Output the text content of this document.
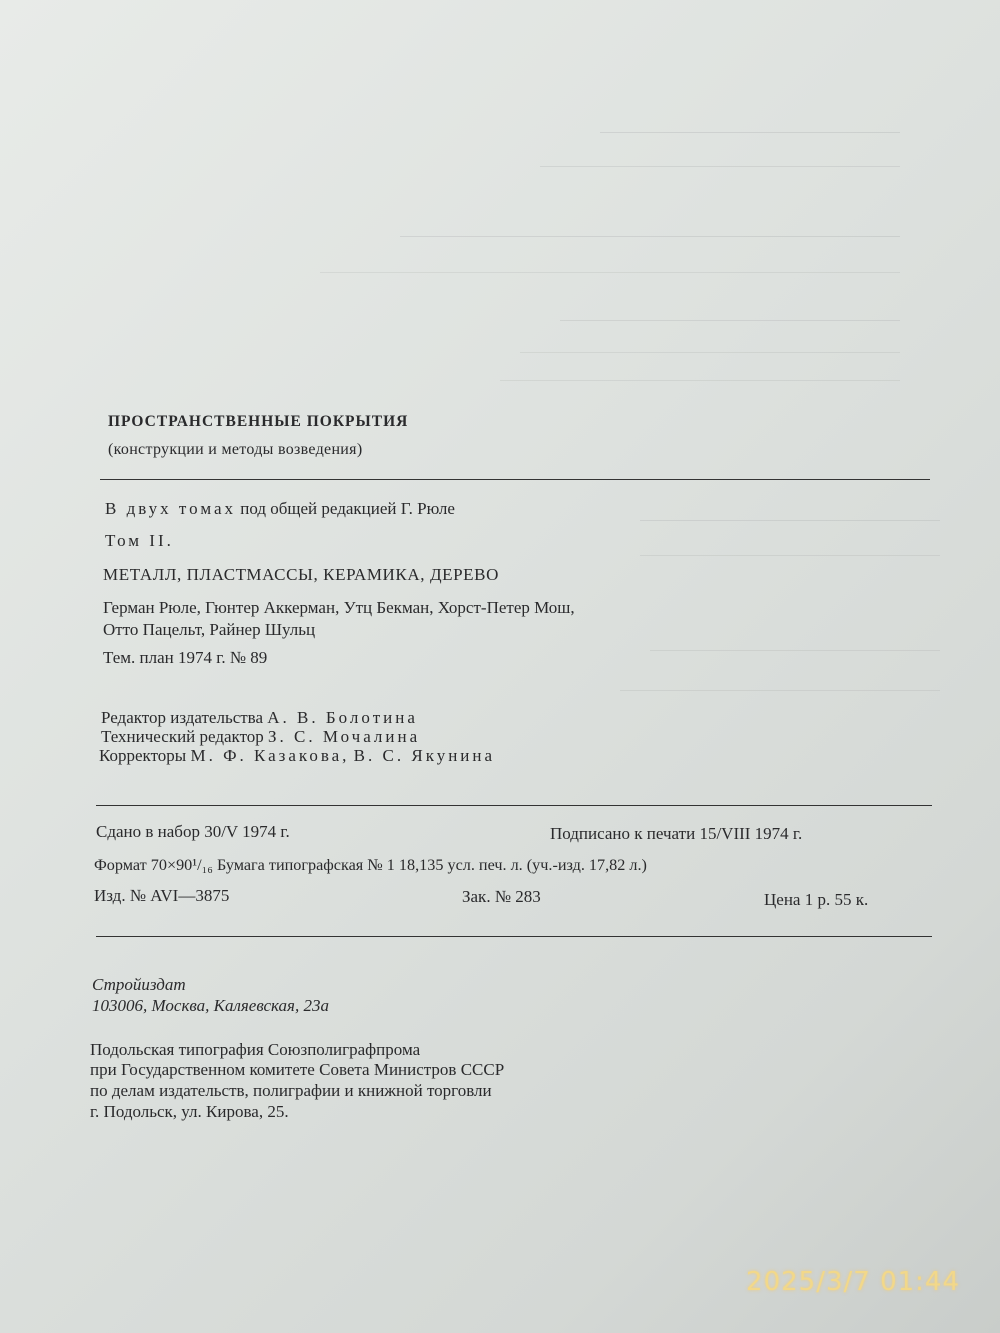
ПРОСТРАНСТВЕННЫЕ ПОКРЫТИЯ
(конструкции и методы возведения)
В двух томах под общей редакцией Г. Рюле
Том II.
МЕТАЛЛ, ПЛАСТМАССЫ, КЕРАМИКА, ДЕРЕВО
Герман Рюле, Гюнтер Аккерман, Утц Бекман, Хорст-Петер Мош,
Отто Пацельт, Райнер Шульц
Тем. план 1974 г. № 89
Редактор издательства А. В. Болотина
Технический редактор З. С. Мочалина
Корректоры М. Ф. Казакова, В. С. Якунина
Сдано в набор 30/V 1974 г.	Подписано к печати 15/VIII 1974 г.
Формат 70×90¹/₁₆ Бумага типографская № 1 18,135 усл. печ. л. (уч.-изд. 17,82 л.)
Изд. № AVI—3875	Зак. № 283	Цена 1 р. 55 к.
Стройиздат
103006, Москва, Каляевская, 23а
Подольская типография Союзполиграфпрома
при Государственном комитете Совета Министров СССР
по делам издательств, полиграфии и книжной торговли
г. Подольск, ул. Кирова, 25.
2025/3/7 01:44
